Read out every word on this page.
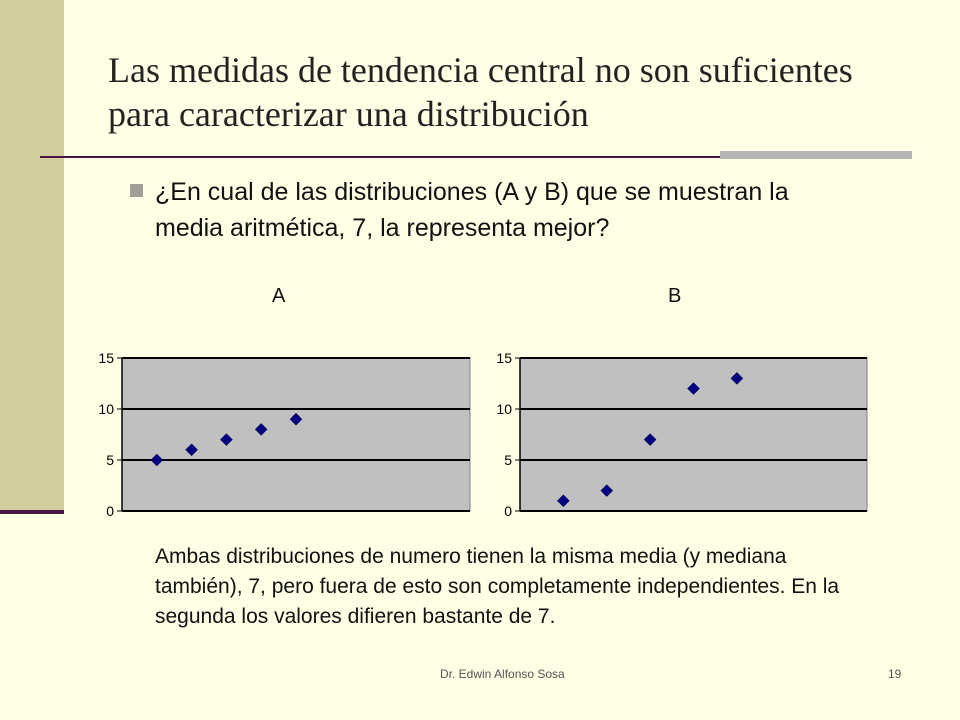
Las medidas de tendencia central no son suficientes para caracterizar una distribución
¿En cual de las distribuciones (A y B) que se muestran la media aritmética, 7, la representa mejor?
A	B
0
5
10
15
0
5
10
15
Ambas distribuciones de numero tienen la misma media (y mediana también), 7, pero fuera de esto son completamente independientes. En la segunda los valores difieren bastante de 7.
Dr. Edwin Alfonso Sosa	19
